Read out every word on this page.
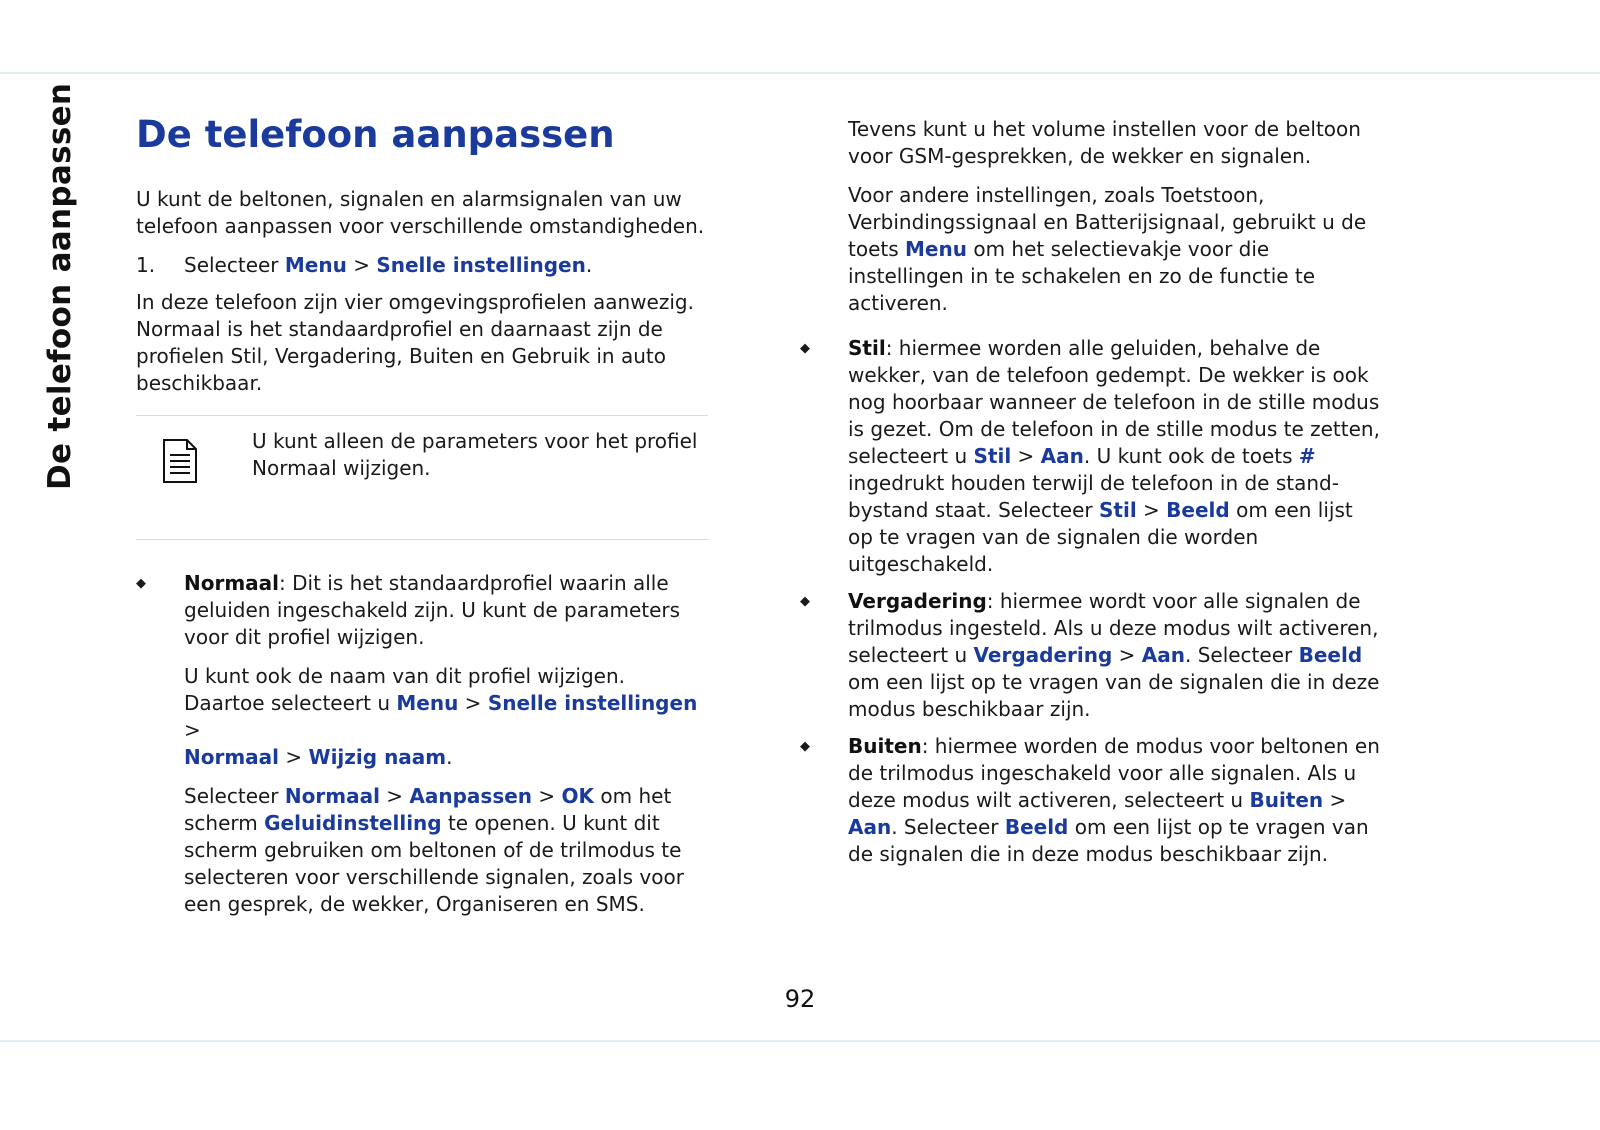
De telefoon aanpassen De telefoon aanpassen

U kunt de beltonen, signalen en alarmsignalen van uw telefoon aanpassen voor verschillende omstandigheden.

1.	Selecteer Menu > Snelle instellingen.

In deze telefoon zijn vier omgevingsprofielen aanwezig. Normaal is het standaardprofiel en daarnaast zijn de profielen Stil, Vergadering, Buiten en Gebruik in auto beschikbaar.

U kunt alleen de parameters voor het profiel Normaal wijzigen.
◆	Normaal: Dit is het standaardprofiel waarin alle geluiden ingeschakeld zijn. U kunt de parameters voor dit profiel wijzigen.

U kunt ook de naam van dit profiel wijzigen. Daartoe selecteert u Menu > Snelle instellingen >
Normaal > Wijzig naam.

Selecteer Normaal > Aanpassen > OK om het scherm Geluidinstelling te openen. U kunt dit scherm gebruiken om beltonen of de trilmodus te selecteren voor verschillende signalen, zoals voor een gesprek, de wekker, Organiseren en SMS.

Tevens kunt u het volume instellen voor de beltoon voor GSM-gesprekken, de wekker en signalen.

Voor andere instellingen, zoals Toetstoon, Verbindingssignaal en Batterijsignaal, gebruikt u de toets Menu om het selectievakje voor die instellingen in te schakelen en zo de functie te activeren.

◆	Stil: hiermee worden alle geluiden, behalve de wekker, van de telefoon gedempt. De wekker is ook nog hoorbaar wanneer de telefoon in de stille modus is gezet. Om de telefoon in de stille modus te zetten, selecteert u Stil > Aan. U kunt ook de toets # ingedrukt houden terwijl de telefoon in de stand-bystand staat. Selecteer Stil > Beeld om een lijst op te vragen van de signalen die worden uitgeschakeld.
◆	Vergadering: hiermee wordt voor alle signalen de trilmodus ingesteld. Als u deze modus wilt activeren, selecteert u Vergadering > Aan. Selecteer Beeld om een lijst op te vragen van de signalen die in deze modus beschikbaar zijn.
◆	Buiten: hiermee worden de modus voor beltonen en de trilmodus ingeschakeld voor alle signalen. Als u deze modus wilt activeren, selecteert u Buiten > Aan. Selecteer Beeld om een lijst op te vragen van de signalen die in deze modus beschikbaar zijn.
92
